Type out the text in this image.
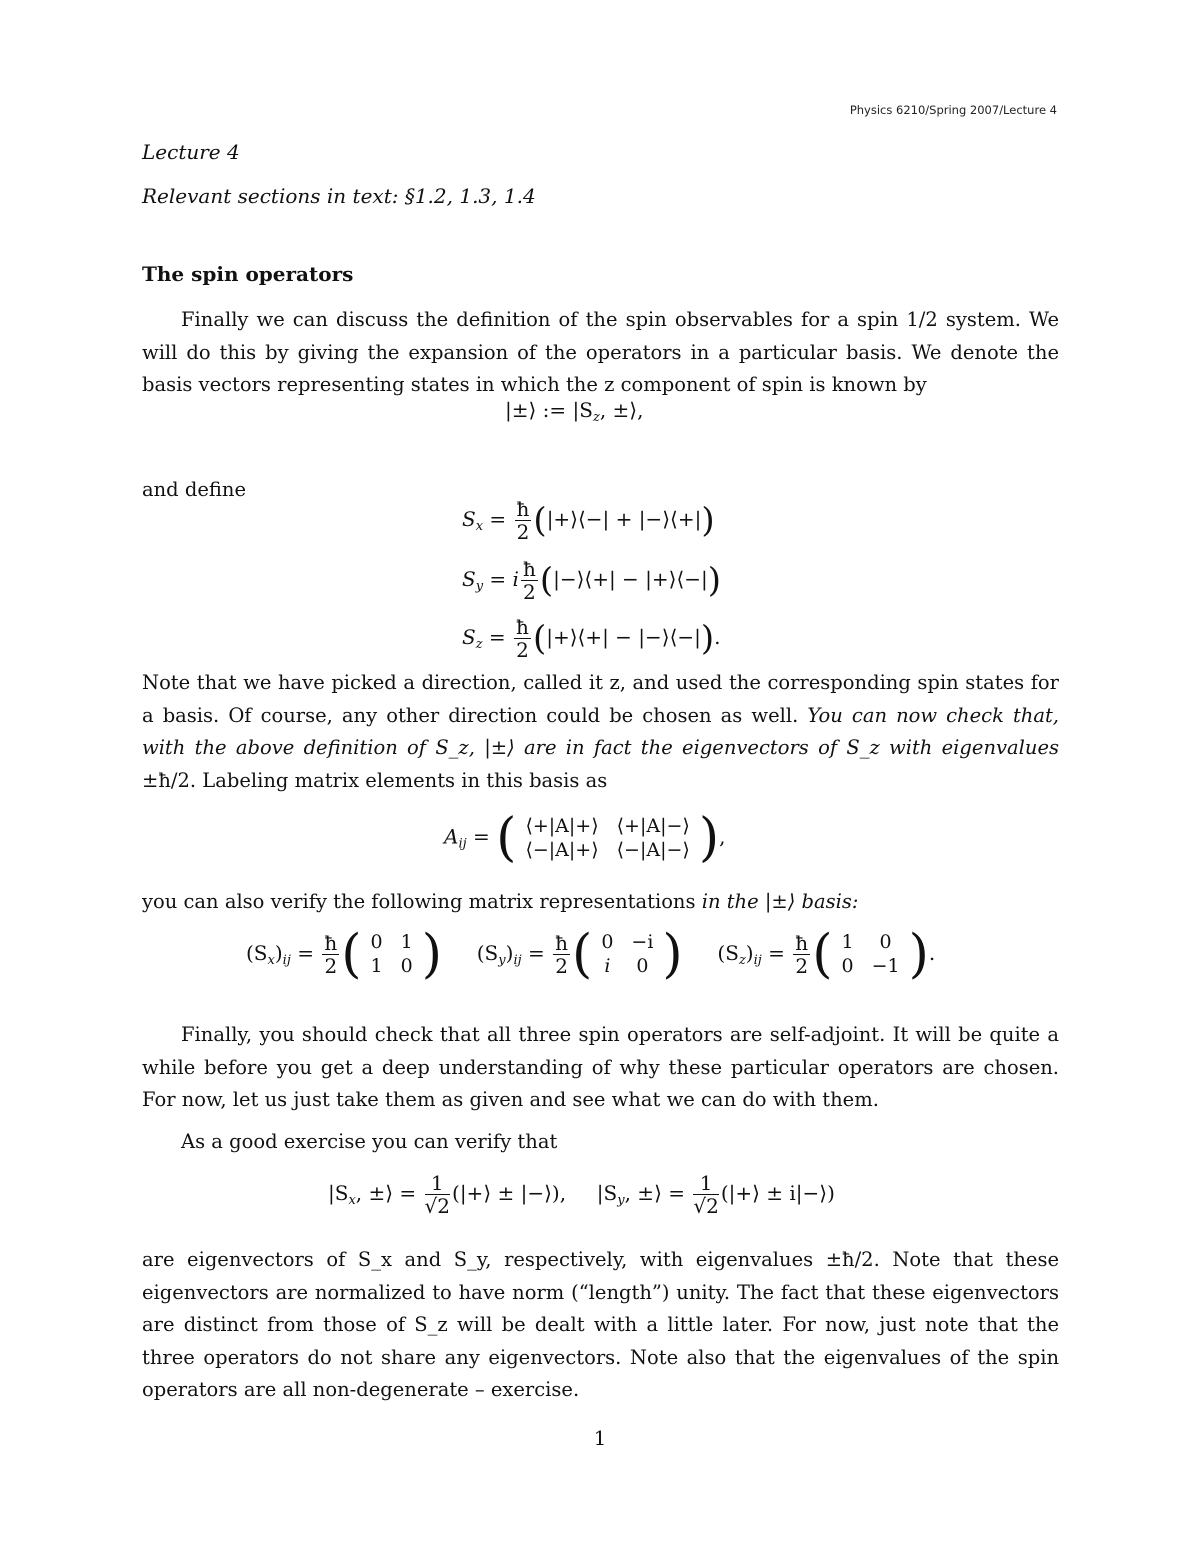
Physics 6210/Spring 2007/Lecture 4
Lecture 4
Relevant sections in text: §1.2, 1.3, 1.4
The spin operators
Finally we can discuss the definition of the spin observables for a spin 1/2 system. We will do this by giving the expansion of the operators in a particular basis. We denote the basis vectors representing states in which the z component of spin is known by
|±⟩ := $|S_z$, ±⟩,
and define
$S_x = \frac{ħ}{2}$ (|+⟩⟨−| + |−⟩⟨+|)
$S_y = i \frac{ħ}{2}$ (|−⟩⟨+| − |+⟩⟨−|)
$S_z = \frac{ħ}{2}$ (|+⟩⟨+| − |−⟩⟨−|).
Note that we have picked a direction, called it z, and used the corresponding spin states for a basis. Of course, any other direction could be chosen as well. You can now check that, with the above definition of S_z, |±⟩ are in fact the eigenvectors of S_z with eigenvalues ±ħ/2. Labeling matrix elements in this basis as
$A_{ij}$ = ( ⟨+|A|+⟩	⟨+|A|−⟩
⟨−|A|+⟩	⟨−|A|−⟩ ),
you can also verify the following matrix representations in the |±⟩ basis:
$(S_x)_{ij} = \frac{ħ}{2}$ ( 0	1
1	0 ) $(S_y)_{ij} = \frac{ħ}{2}$ ( 0	−i
i	0 ) $(S_z)_{ij} = \frac{ħ}{2}$ ( 1	0
0	−1 ).
Finally, you should check that all three spin operators are self-adjoint. It will be quite a while before you get a deep understanding of why these particular operators are chosen. For now, let us just take them as given and see what we can do with them.
As a good exercise you can verify that
$|S_x$, ±⟩ = $\frac{1}{√2}$ (|+⟩ ± |−⟩), $|S_y$, ±⟩ = $\frac{1}{√2}$ (|+⟩ ± i|−⟩)
are eigenvectors of S_x and S_y, respectively, with eigenvalues ±ħ/2. Note that these eigenvectors are normalized to have norm (“length”) unity. The fact that these eigenvectors are distinct from those of S_z will be dealt with a little later. For now, just note that the three operators do not share any eigenvectors. Note also that the eigenvalues of the spin operators are all non-degenerate – exercise.
1
